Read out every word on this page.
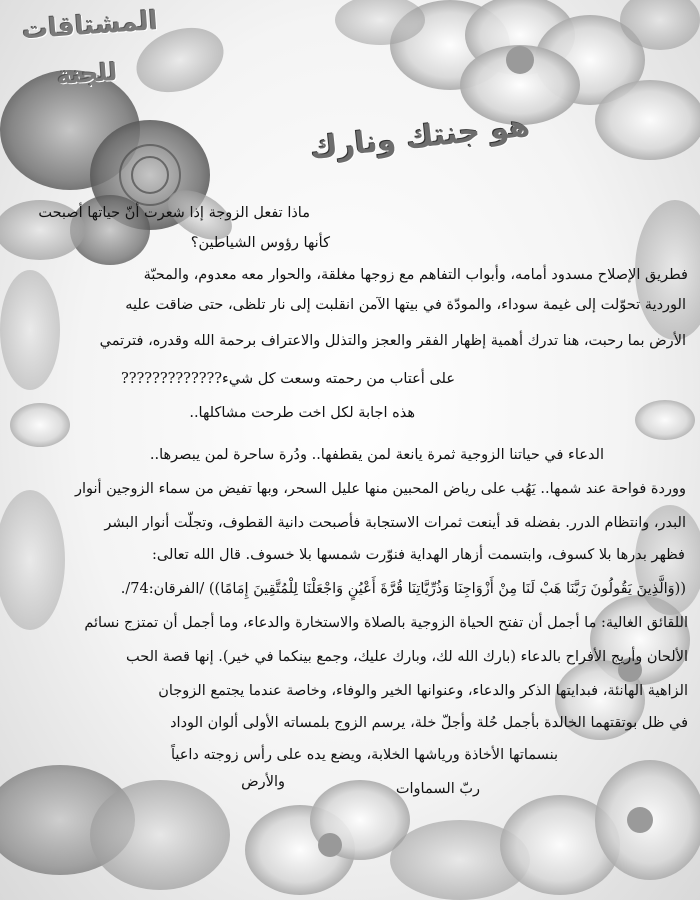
المشتاقات
للجنة
هو جنتك ونارك
ماذا تفعل الزوجة إذا شعرت أنّ حياتها أصبحت
كأنها رؤوس الشياطين؟
فطريق الإصلاح مسدود أمامه، وأبواب التفاهم مع زوجها مغلقة، والحوار معه معدوم، والمحبّة
الوردية تحوّلت إلى غيمة سوداء، والمودّة في بيتها الآمن انقلبت إلى نار تلظى، حتى ضاقت عليه
الأرض بما رحبت، هنا تدرك أهمية إظهار الفقر والعجز والتذلل والاعتراف برحمة الله وقدره، فترتمي
على أعتاب من رحمته وسعت كل شيء?????????????
هذه اجابة لكل اخت طرحت مشاكلها..
الدعاء في حياتنا الزوجية ثمرة يانعة لمن يقطفها.. ودُرة ساحرة لمن يبصرها..
ووردة فواحة عند شمها.. يَهُب على رياض المحبين منها عليل السحر، وبها تفيض من سماء الزوجين أنوار
البدر، وانتظام الدرر. بفضله قد أينعت ثمرات الاستجابة فأصبحت دانية القطوف، وتجلّت أنوار البشر
فظهر بدرها بلا كسوف، وابتسمت أزهار الهداية فنوّرت شمسها بلا خسوف. قال الله تعالى:
((وَالَّذِينَ يَقُولُونَ رَبَّنَا هَبْ لَنَا مِنْ أَزْوَاجِنَا وَذُرِّيَّاتِنَا قُرَّةَ أَعْيُنٍ وَاجْعَلْنَا لِلْمُتَّقِينَ إِمَامًا)) /الفرقان:74/.
اللقائق الغالية: ما أجمل أن تفتح الحياة الزوجية بالصلاة والاستخارة والدعاء، وما أجمل أن تمتزج نسائم
الألحان وأريج الأفراح بالدعاء (بارك الله لك، وبارك عليك، وجمع بينكما في خير). إنها قصة الحب
الزاهية الهانئة، فبدايتها الذكر والدعاء، وعنوانها الخير والوفاء، وخاصة عندما يجتمع الزوجان
في ظل بوتقتهما الخالدة بأجمل حُلة وأجلّ خلة، يرسم الزوج بلمساته الأولى ألوان الوداد
بنسماتها الأخاذة ورياشها الخلابة، ويضع يده على رأس زوجته داعياً
ربّ السماوات
والأرض
